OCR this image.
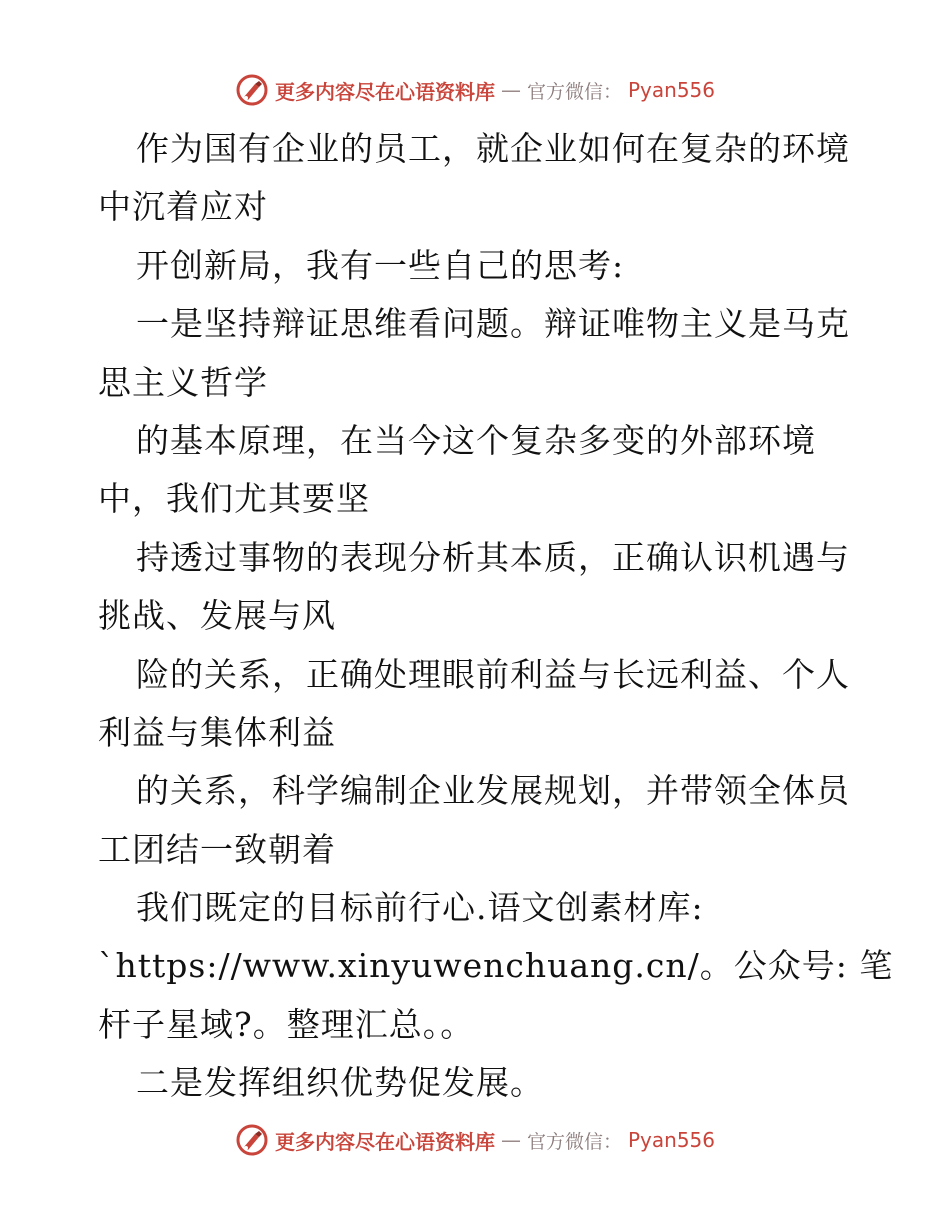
更多内容尽在心语资料库 — 官方微信： Pyan556
作为国有企业的员工，就企业如何在复杂的环境
中沉着应对
开创新局，我有一些自己的思考:
一是坚持辩证思维看问题。辩证唯物主义是马克
思主义哲学
的基本原理，在当今这个复杂多变的外部环境
中，我们尤其要坚
持透过事物的表现分析其本质，正确认识机遇与
挑战、发展与风
险的关系，正确处理眼前利益与长远利益、个人
利益与集体利益
的关系，科学编制企业发展规划，并带领全体员
工团结一致朝着
我们既定的目标前行心.语文创素材库:
`https://www.xinyuwenchuang.cn/。公众号: 笔
杆子星域?。整理汇总。。
二是发挥组织优势促发展。
更多内容尽在心语资料库 — 官方微信： Pyan556
